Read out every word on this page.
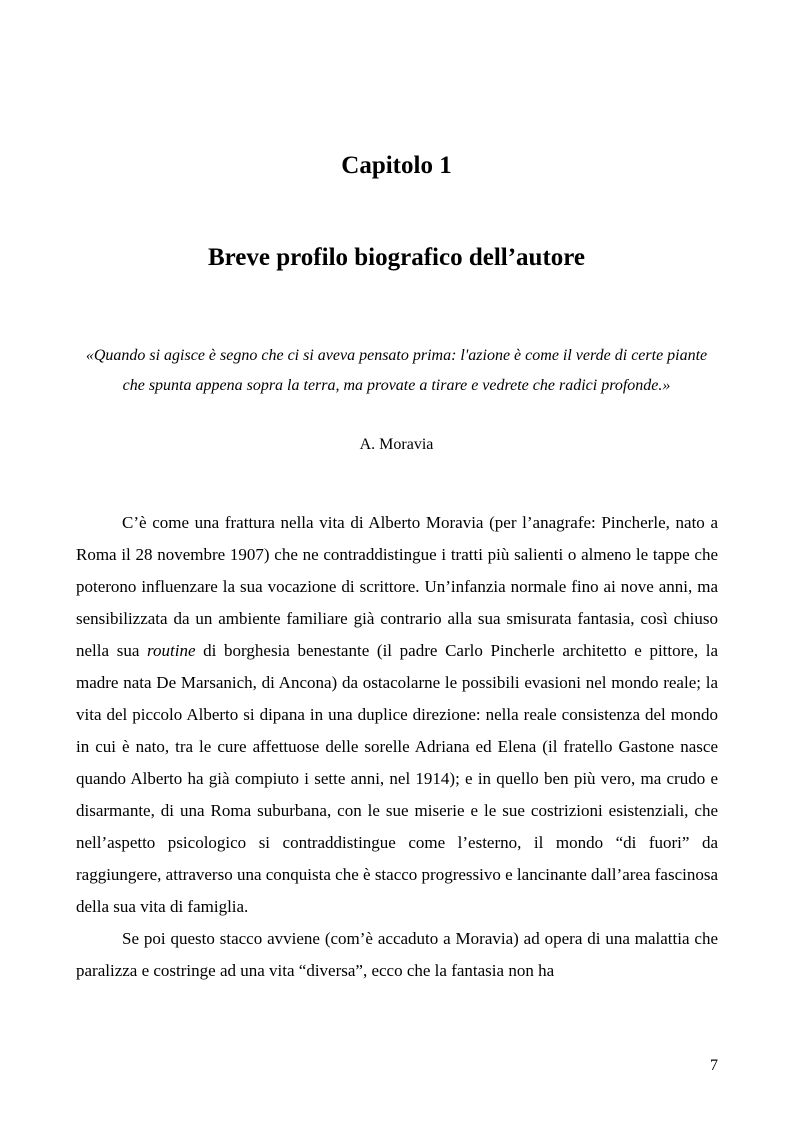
Capitolo 1
Breve profilo biografico dell’autore
«Quando si agisce è segno che ci si aveva pensato prima: l'azione è come il verde di certe piante che spunta appena sopra la terra, ma provate a tirare e vedrete che radici profonde.»
A. Moravia

C’è come una frattura nella vita di Alberto Moravia (per l’anagrafe: Pincherle, nato a Roma il 28 novembre 1907) che ne contraddistingue i tratti più salienti o almeno le tappe che poterono influenzare la sua vocazione di scrittore. Un’infanzia normale fino ai nove anni, ma sensibilizzata da un ambiente familiare già contrario alla sua smisurata fantasia, così chiuso nella sua routine di borghesia benestante (il padre Carlo Pincherle architetto e pittore, la madre nata De Marsanich, di Ancona) da ostacolarne le possibili evasioni nel mondo reale; la vita del piccolo Alberto si dipana in una duplice direzione: nella reale consistenza del mondo in cui è nato, tra le cure affettuose delle sorelle Adriana ed Elena (il fratello Gastone nasce quando Alberto ha già compiuto i sette anni, nel 1914); e in quello ben più vero, ma crudo e disarmante, di una Roma suburbana, con le sue miserie e le sue costrizioni esistenziali, che nell’aspetto psicologico si contraddistingue come l’esterno, il mondo “di fuori” da raggiungere, attraverso una conquista che è stacco progressivo e lancinante dall’area fascinosa della sua vita di famiglia.

Se poi questo stacco avviene (com’è accaduto a Moravia) ad opera di una malattia che paralizza e costringe ad una vita “diversa”, ecco che la fantasia non ha

7
